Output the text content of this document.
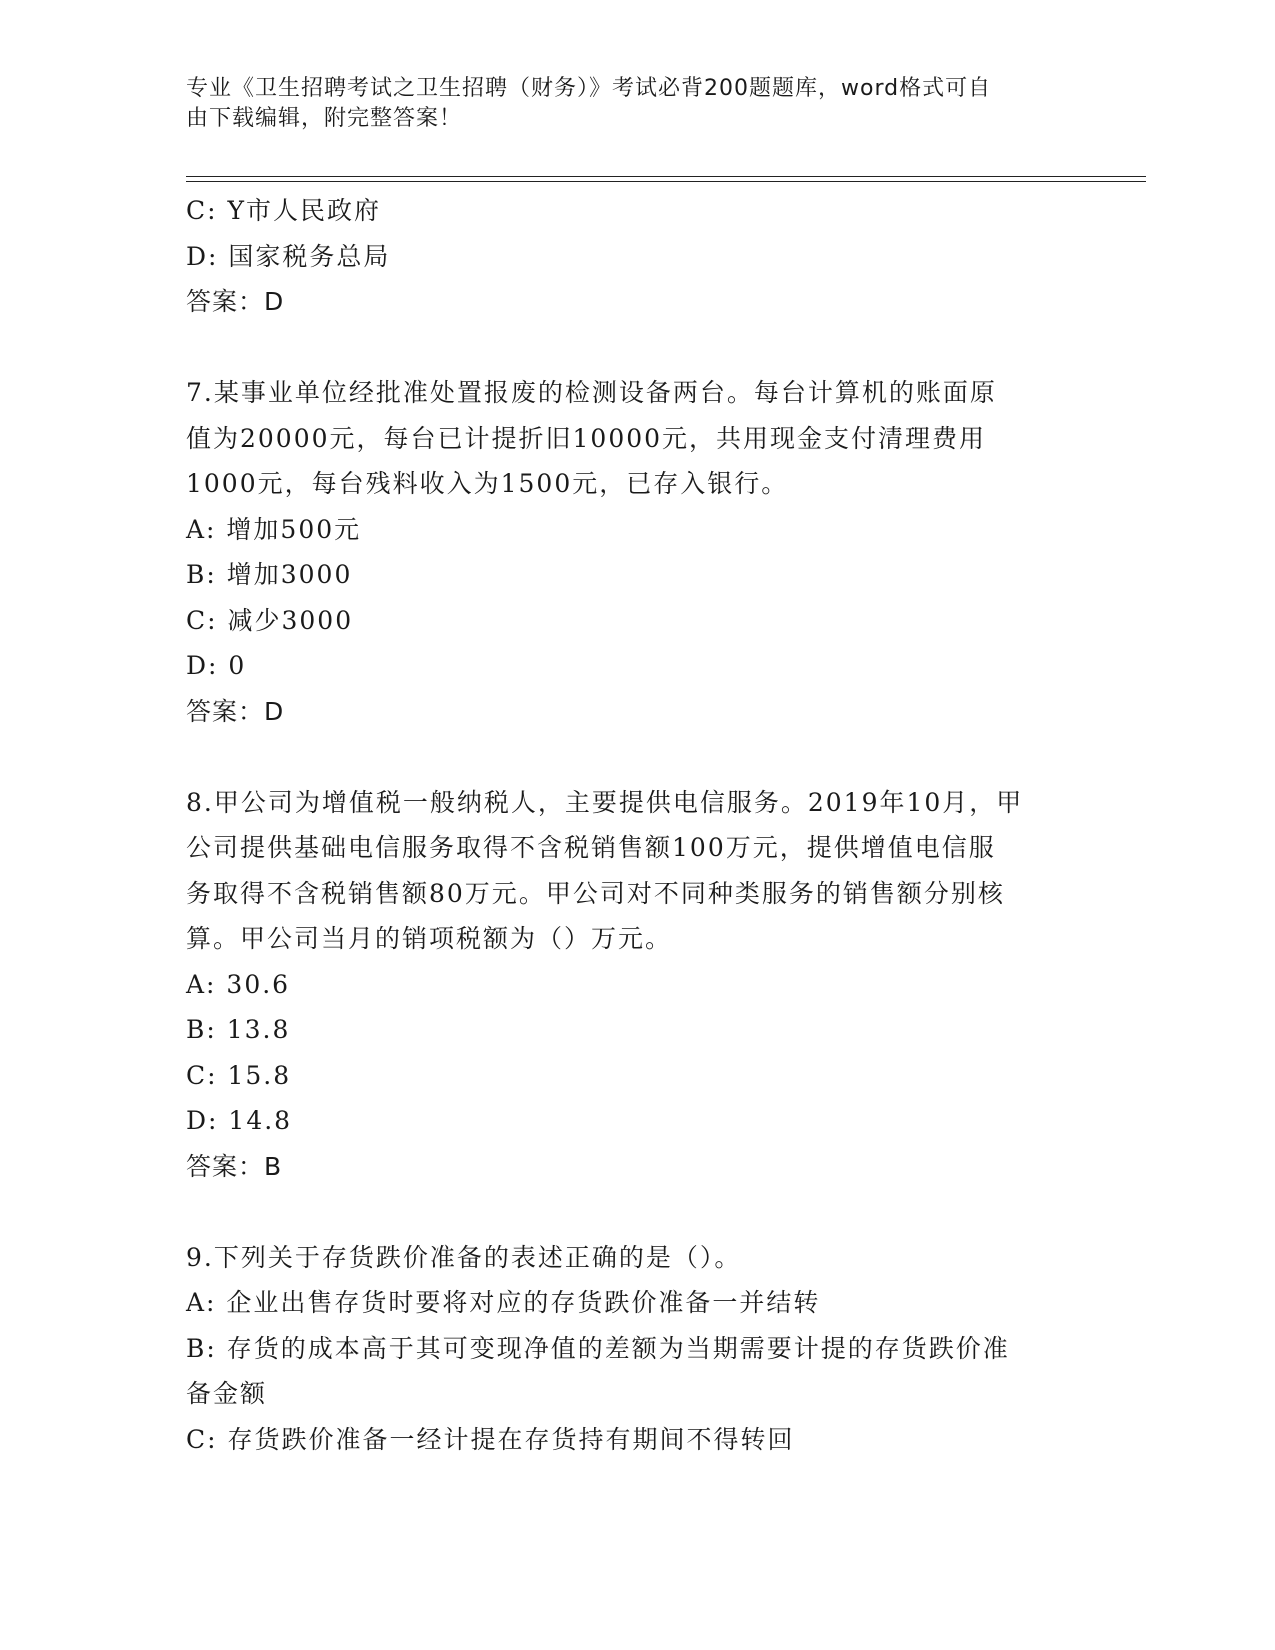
专业《卫生招聘考试之卫生招聘（财务）》考试必背200题题库，word格式可自
由下载编辑，附完整答案！
C: Y市人民政府
D: 国家税务总局
答案：D
7.某事业单位经批准处置报废的检测设备两台。每台计算机的账面原
值为20000元，每台已计提折旧10000元，共用现金支付清理费用
1000元，每台残料收入为1500元，已存入银行。
A: 增加500元
B: 增加3000
C: 减少3000
D: 0
答案：D
8.甲公司为增值税一般纳税人，主要提供电信服务。2019年10月，甲
公司提供基础电信服务取得不含税销售额100万元，提供增值电信服
务取得不含税销售额80万元。甲公司对不同种类服务的销售额分别核
算。甲公司当月的销项税额为（）万元。
A: 30.6
B: 13.8
C: 15.8
D: 14.8
答案：B
9.下列关于存货跌价准备的表述正确的是（）。
A: 企业出售存货时要将对应的存货跌价准备一并结转
B: 存货的成本高于其可变现净值的差额为当期需要计提的存货跌价准
备金额
C: 存货跌价准备一经计提在存货持有期间不得转回
